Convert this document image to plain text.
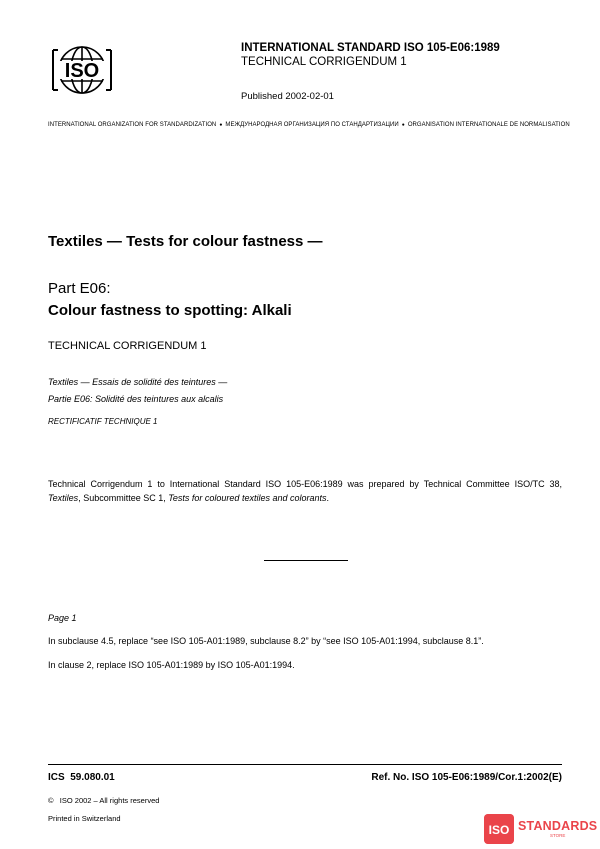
ISO
INTERNATIONAL STANDARD ISO 105-E06:1989
TECHNICAL CORRIGENDUM 1
Published 2002-02-01
INTERNATIONAL ORGANIZATION FOR STANDARDIZATION ● МЕЖДУНАРОДНАЯ ОРГАНИЗАЦИЯ ПО СТАНДАРТИЗАЦИИ ● ORGANISATION INTERNATIONALE DE NORMALISATION
Textiles — Tests for colour fastness —
Part E06:
Colour fastness to spotting: Alkali
TECHNICAL CORRIGENDUM 1
Textiles — Essais de solidité des teintures —
Partie E06: Solidité des teintures aux alcalis
RECTIFICATIF TECHNIQUE 1
Technical Corrigendum 1 to International Standard ISO 105-E06:1989 was prepared by Technical Committee ISO/TC 38, Textiles, Subcommittee SC 1, Tests for coloured textiles and colorants.
Page 1
In subclause 4.5, replace “see ISO 105-A01:1989, subclause 8.2” by “see ISO 105-A01:1994, subclause 8.1”.
In clause 2, replace ISO 105-A01:1989 by ISO 105-A01:1994.
ICS  59.080.01	Ref. No. ISO 105-E06:1989/Cor.1:2002(E)
©   ISO 2002 – All rights reserved
Printed in Switzerland
ISO STANDARDS
STORE
